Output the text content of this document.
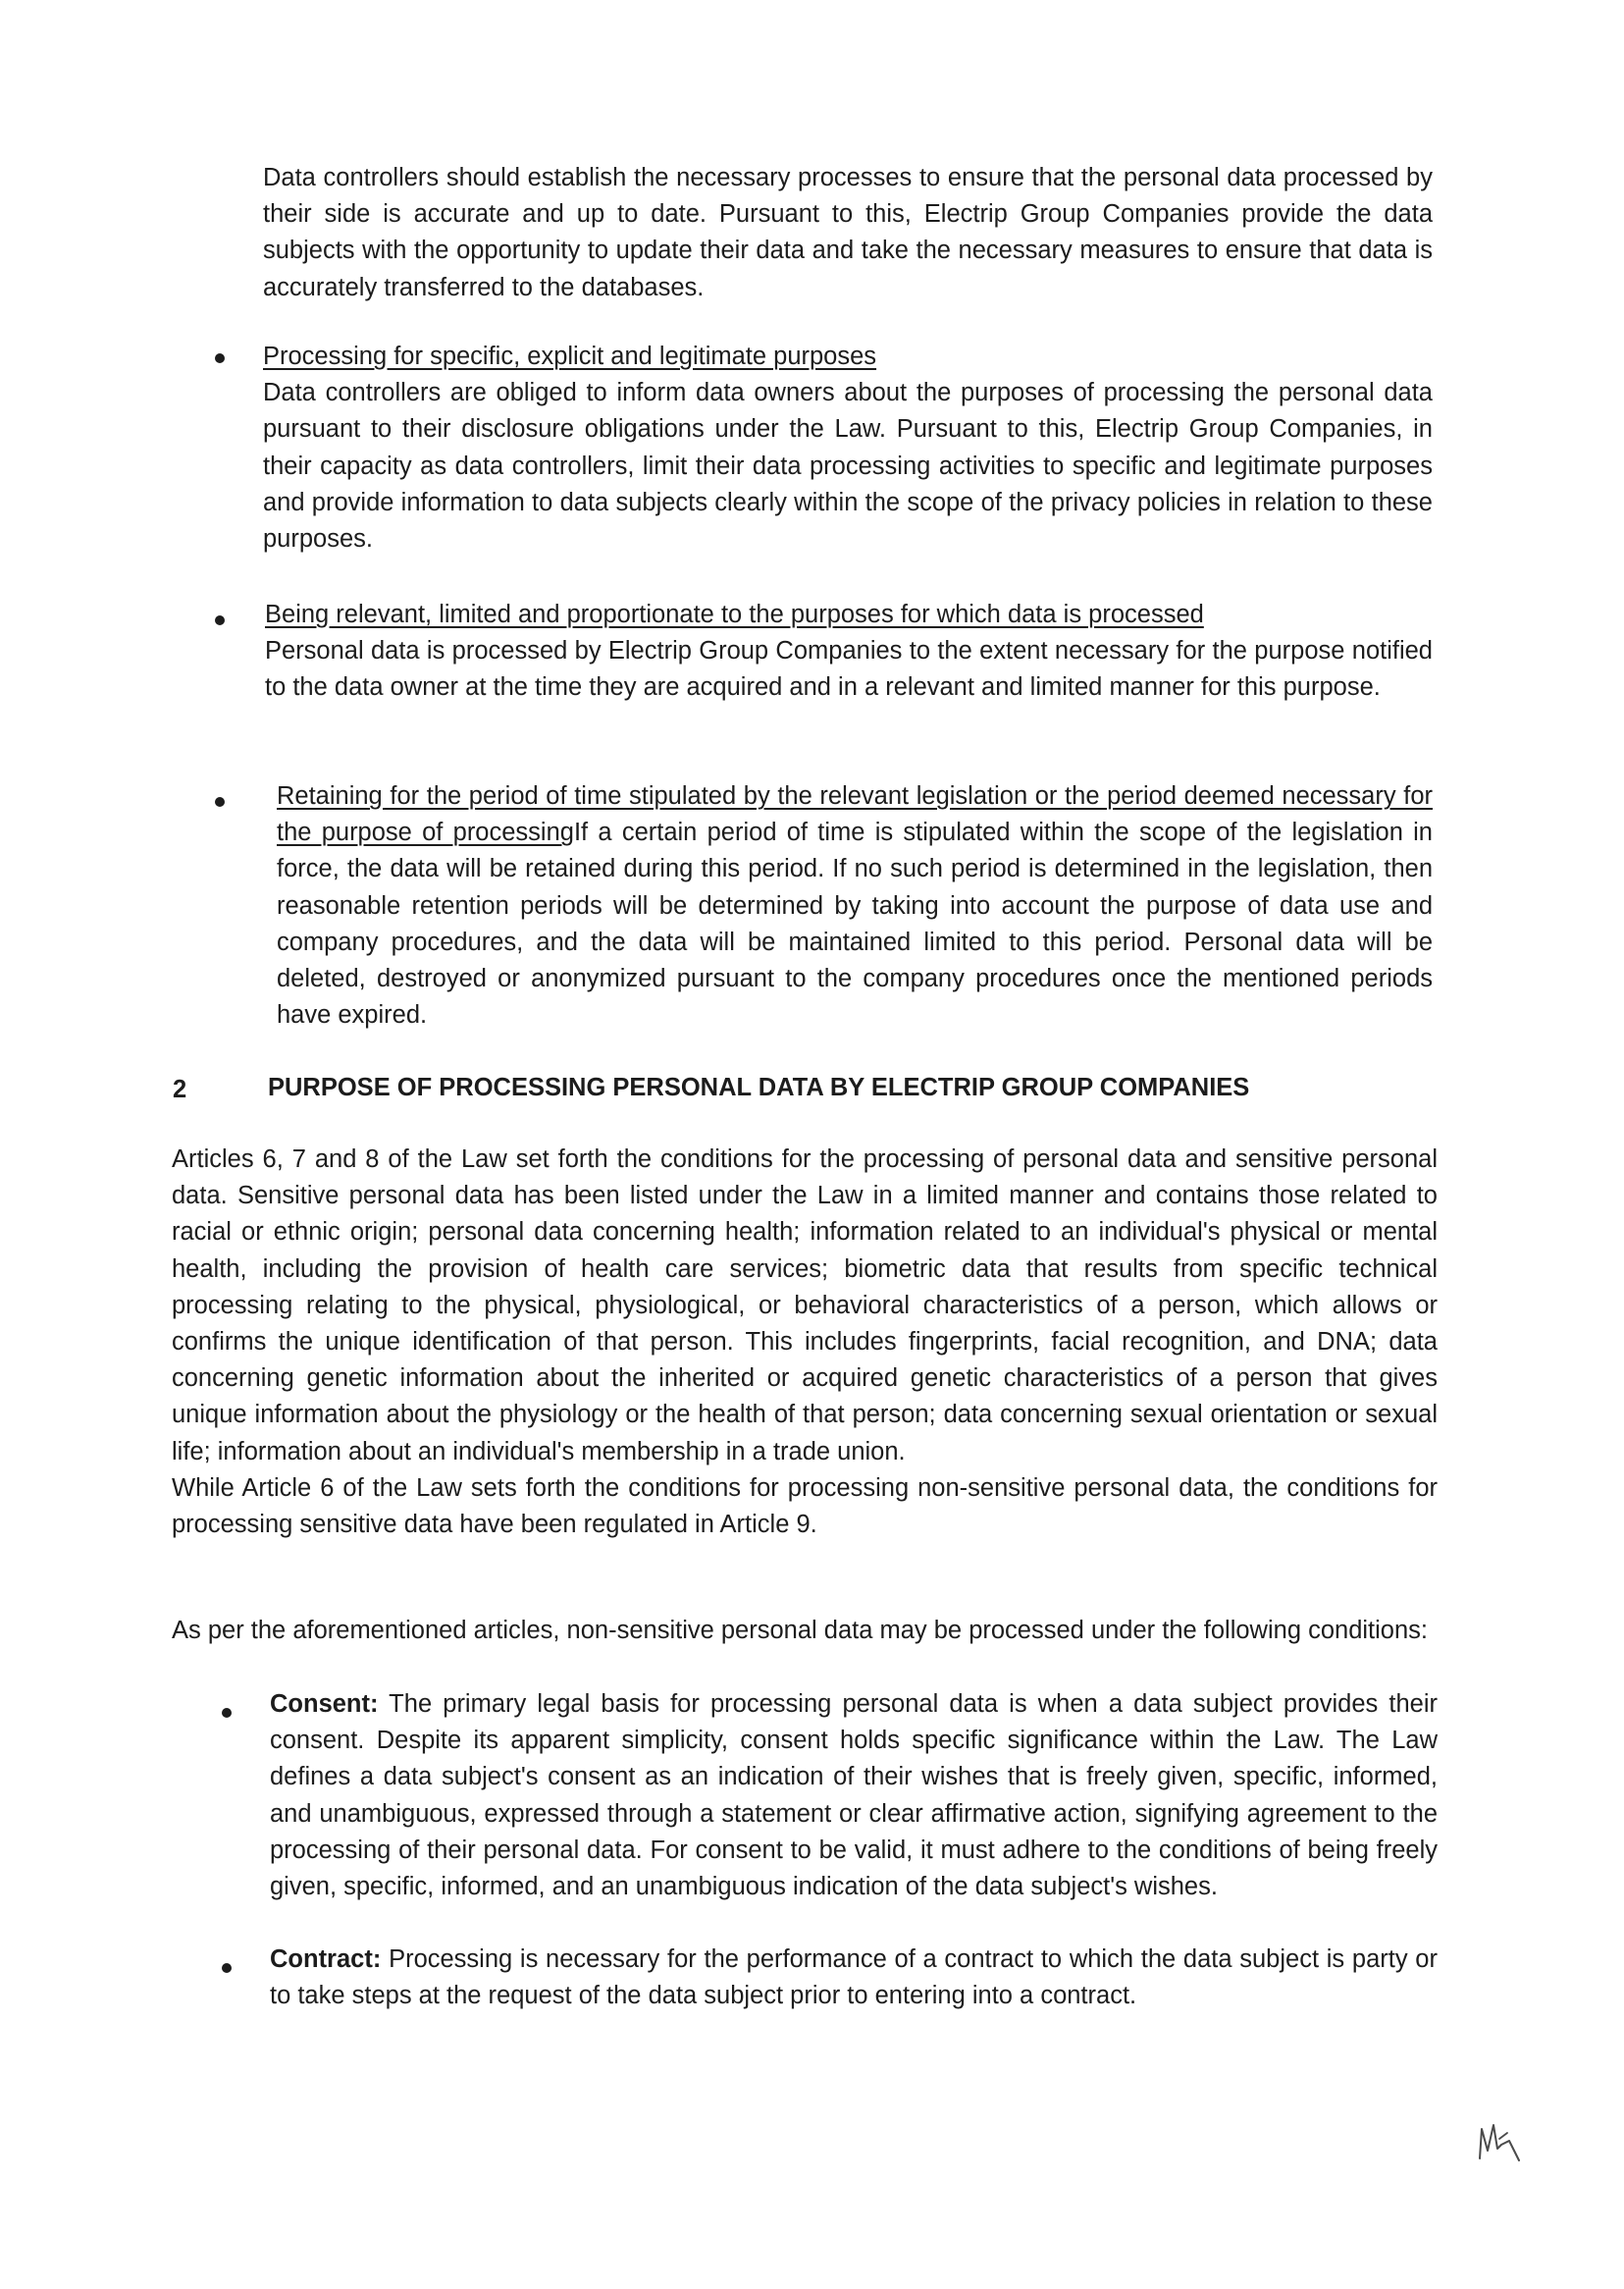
Data controllers should establish the necessary processes to ensure that the personal data processed by their side is accurate and up to date. Pursuant to this, Electrip Group Companies provide the data subjects with the opportunity to update their data and take the necessary measures to ensure that data is accurately transferred to the databases.

Processing for specific, explicit and legitimate purposes

Data controllers are obliged to inform data owners about the purposes of processing the personal data pursuant to their disclosure obligations under the Law. Pursuant to this, Electrip Group Companies, in their capacity as data controllers, limit their data processing activities to specific and legitimate purposes and provide information to data subjects clearly within the scope of the privacy policies in relation to these purposes.

Being relevant, limited and proportionate to the purposes for which data is processed

Personal data is processed by Electrip Group Companies to the extent necessary for the purpose notified to the data owner at the time they are acquired and in a relevant and limited manner for this purpose.

Retaining for the period of time stipulated by the relevant legislation or the period deemed necessary for the purpose of processingIf a certain period of time is stipulated within the scope of the legislation in force, the data will be retained during this period. If no such period is determined in the legislation, then reasonable retention periods will be determined by taking into account the purpose of data use and company procedures, and the data will be maintained limited to this period. Personal data will be deleted, destroyed or anonymized pursuant to the company procedures once the mentioned periods have expired.

2	PURPOSE OF PROCESSING PERSONAL DATA BY ELECTRIP GROUP COMPANIES

Articles 6, 7 and 8 of the Law set forth the conditions for the processing of personal data and sensitive personal data. Sensitive personal data has been listed under the Law in a limited manner and contains those related to racial or ethnic origin; personal data concerning health; information related to an individual's physical or mental health, including the provision of health care services; biometric data that results from specific technical processing relating to the physical, physiological, or behavioral characteristics of a person, which allows or confirms the unique identification of that person. This includes fingerprints, facial recognition, and DNA; data concerning genetic information about the inherited or acquired genetic characteristics of a person that gives unique information about the physiology or the health of that person; data concerning sexual orientation or sexual life; information about an individual's membership in a trade union.

While Article 6 of the Law sets forth the conditions for processing non-sensitive personal data, the conditions for processing sensitive data have been regulated in Article 9.

As per the aforementioned articles, non-sensitive personal data may be processed under the following conditions:

Consent: The primary legal basis for processing personal data is when a data subject provides their consent. Despite its apparent simplicity, consent holds specific significance within the Law. The Law defines a data subject's consent as an indication of their wishes that is freely given, specific, informed, and unambiguous, expressed through a statement or clear affirmative action, signifying agreement to the processing of their personal data. For consent to be valid, it must adhere to the conditions of being freely given, specific, informed, and an unambiguous indication of the data subject's wishes.

Contract: Processing is necessary for the performance of a contract to which the data subject is party or to take steps at the request of the data subject prior to entering into a contract.
